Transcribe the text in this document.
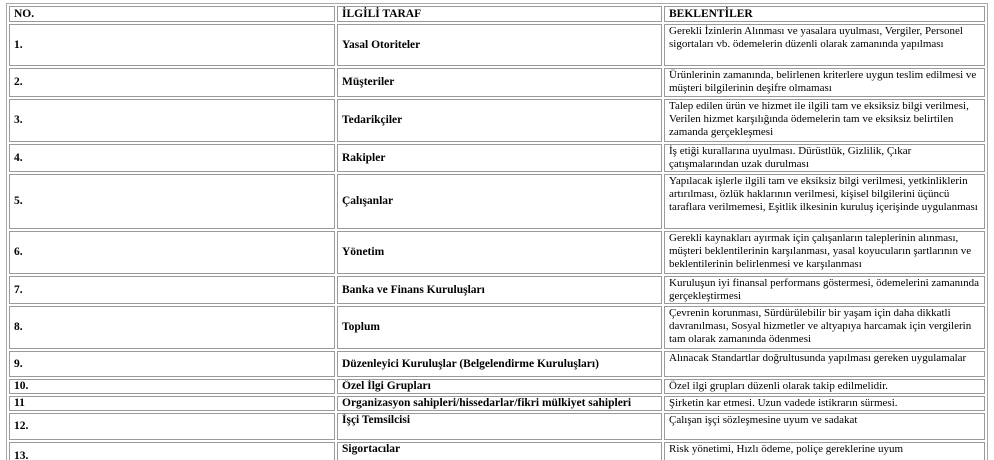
NO.	İLGİLİ TARAF	BEKLENTİLER
1.	Yasal Otoriteler	Gerekli İzinlerin Alınması ve yasalara uyulması, Vergiler, Personel sigortaları vb. ödemelerin düzenli olarak zamanında yapılması
2.	Müşteriler	Ürünlerinin zamanında, belirlenen kriterlere uygun teslim edilmesi ve müşteri bilgilerinin deşifre olmaması
3.	Tedarikçiler	Talep edilen ürün ve hizmet ile ilgili tam ve eksiksiz bilgi verilmesi, Verilen hizmet karşılığında ödemelerin tam ve eksiksiz belirtilen zamanda gerçekleşmesi
4.	Rakipler	İş etiği kurallarına uyulması. Dürüstlük, Gizlilik, Çıkar çatışmalarından uzak durulması
5.	Çalışanlar	Yapılacak işlerle ilgili tam ve eksiksiz bilgi verilmesi, yetkinliklerin artırılması, özlük haklarının verilmesi, kişisel bilgilerini üçüncü taraflara verilmemesi, Eşitlik ilkesinin kuruluş içerişinde uygulanması
6.	Yönetim	Gerekli kaynakları ayırmak için çalışanların taleplerinin alınması, müşteri beklentilerinin karşılanması, yasal koyucuların şartlarının ve beklentilerinin belirlenmesi ve karşılanması
7.	Banka ve Finans Kuruluşları	Kuruluşun iyi finansal performans göstermesi, ödemelerini zamanında gerçekleştirmesi
8.	Toplum	Çevrenin korunması, Sürdürülebilir bir yaşam için daha dikkatli davranılması, Sosyal hizmetler ve altyapıya harcamak için vergilerin tam olarak zamanında ödenmesi
9.	Düzenleyici Kuruluşlar (Belgelendirme Kuruluşları)	Alınacak Standartlar doğrultusunda yapılması gereken uygulamalar
10.	Özel İlgi Grupları	Özel ilgi grupları düzenli olarak takip edilmelidir.
11	Organizasyon sahipleri/hissedarlar/fikri mülkiyet sahipleri	Şirketin kar etmesi. Uzun vadede istikrarın sürmesi.
12.	İşçi Temsilcisi	Çalışan işçi sözleşmesine uyum ve sadakat
13.	Sigortacılar	Risk yönetimi, Hızlı ödeme, poliçe gereklerine uyum
